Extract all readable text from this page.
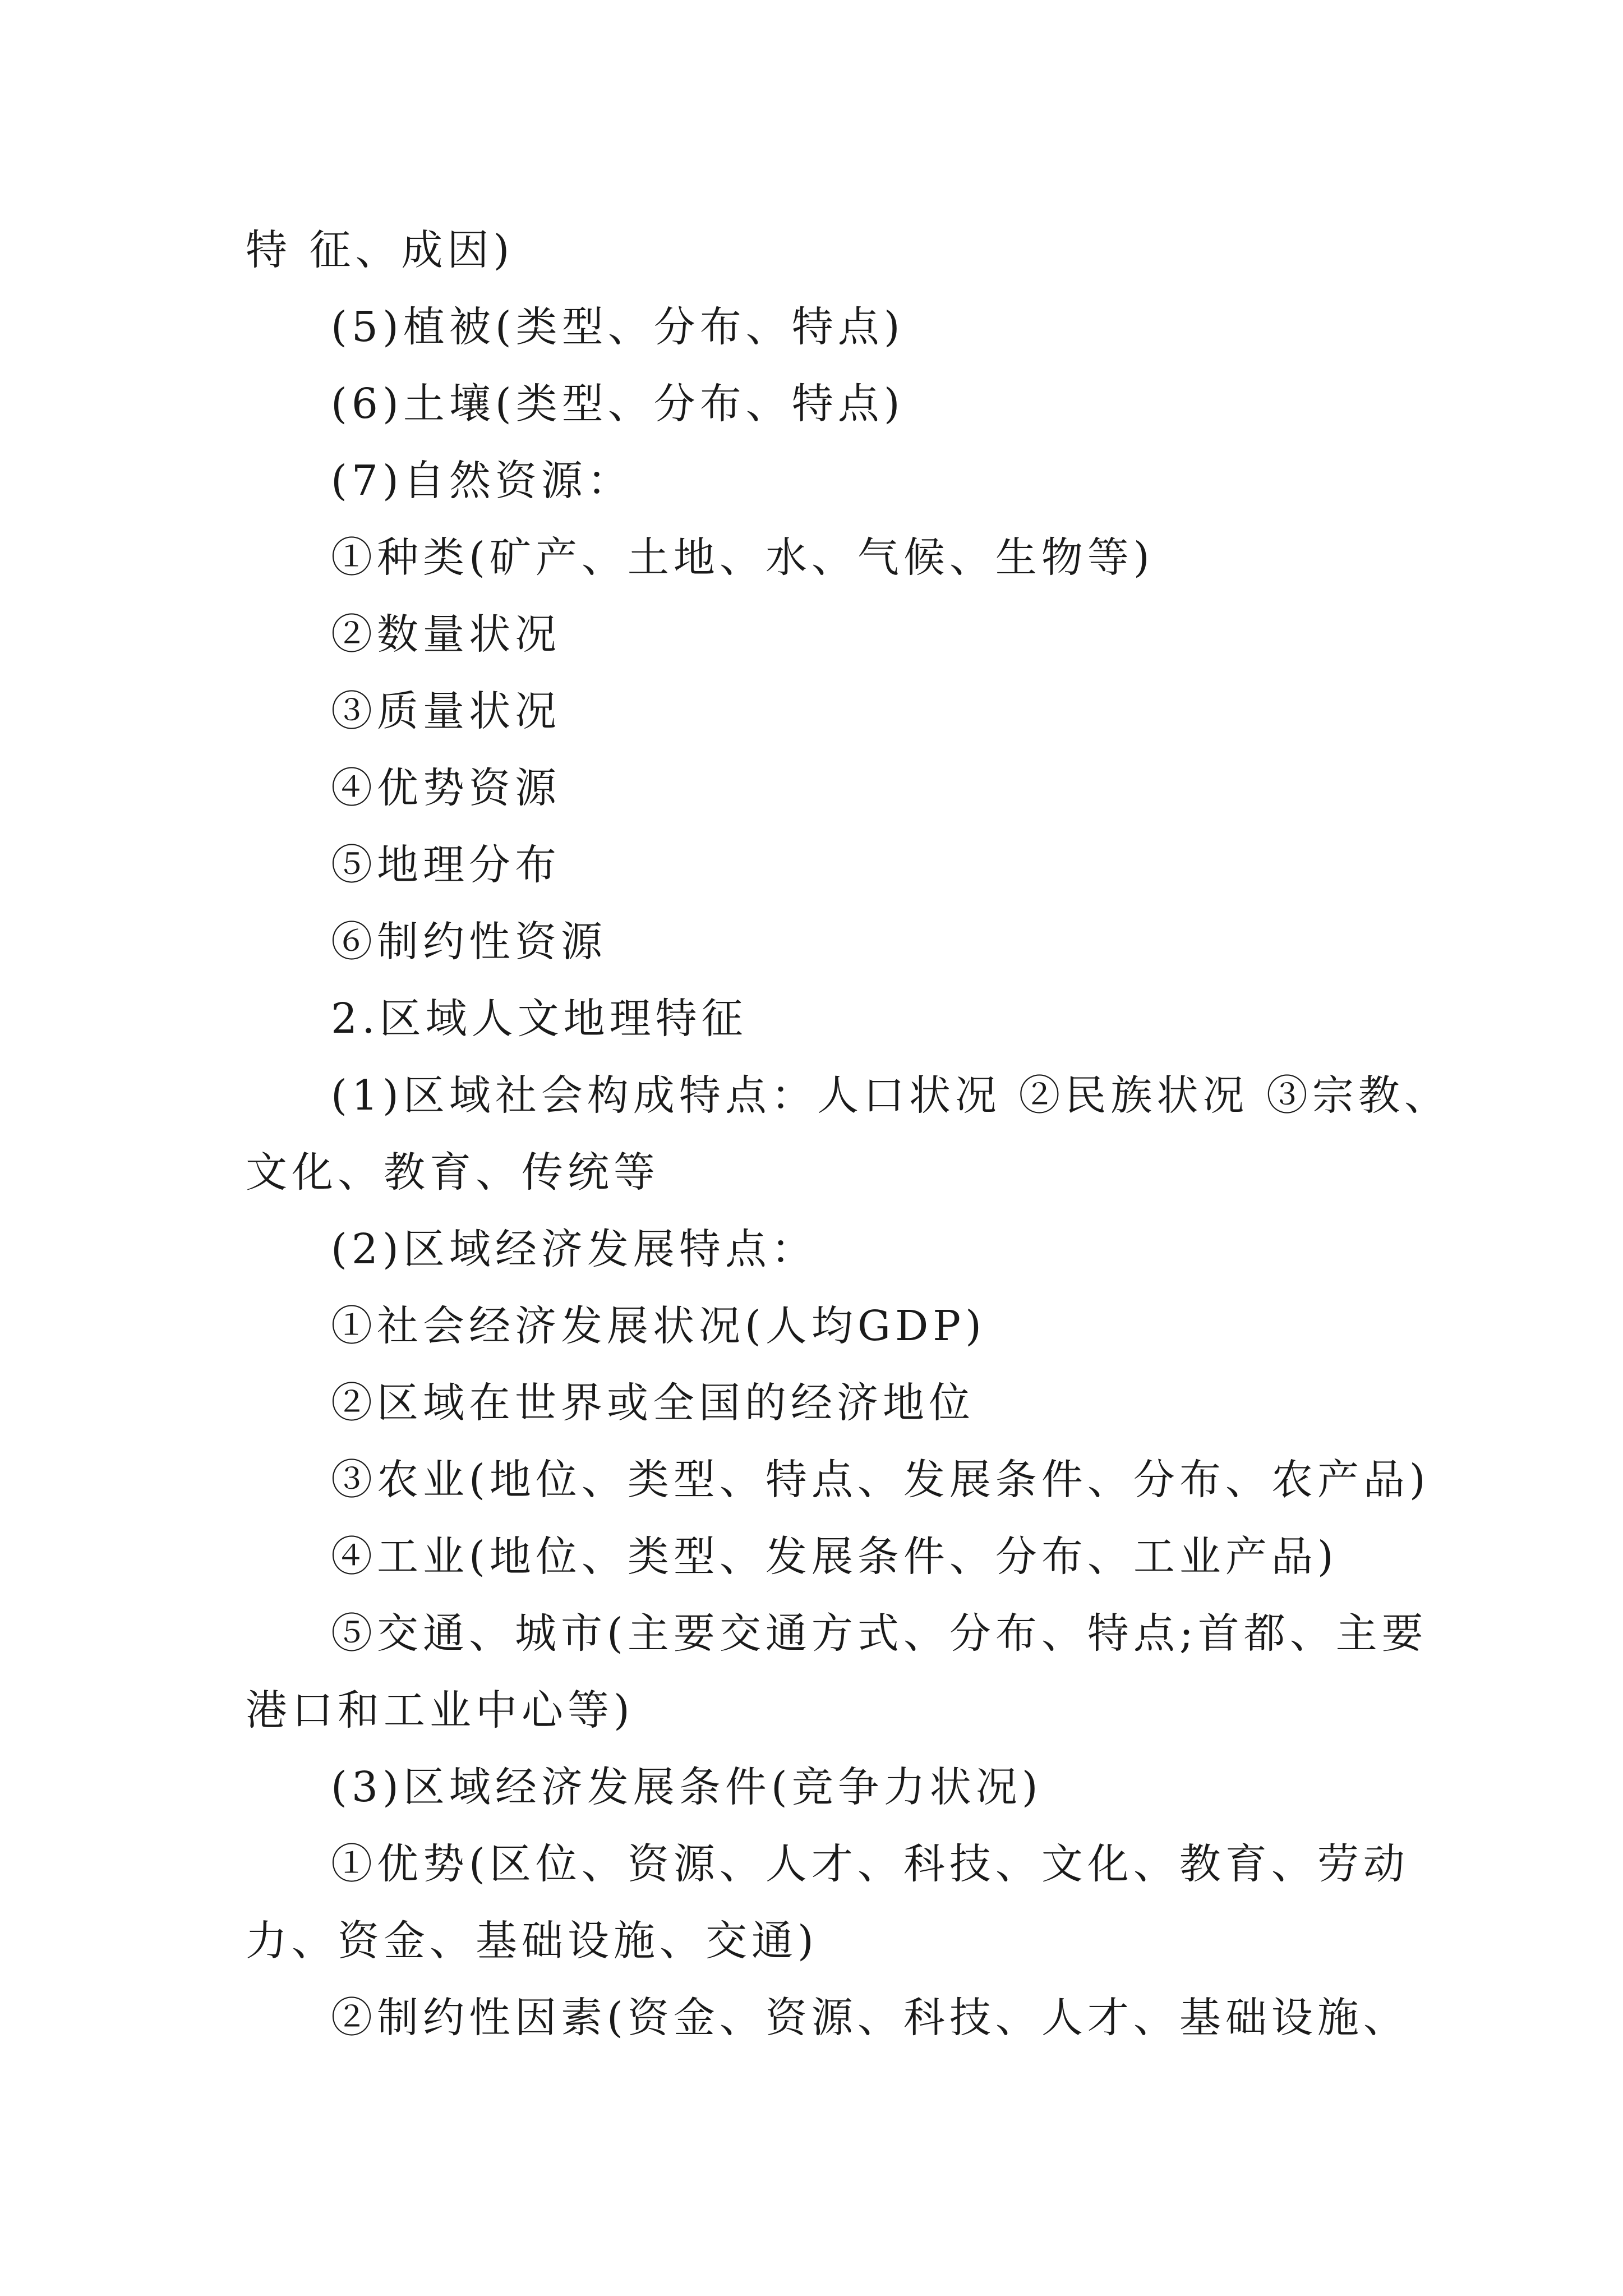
特 征、成因)
(5)植被(类型、分布、特点)
(6)土壤(类型、分布、特点)
(7)自然资源：
①种类(矿产、土地、水、气候、生物等)
②数量状况
③质量状况
④优势资源
⑤地理分布
⑥制约性资源
2.区域人文地理特征
(1)区域社会构成特点：人口状况 ②民族状况 ③宗教、
文化、教育、传统等
(2)区域经济发展特点：
①社会经济发展状况(人均GDP)
②区域在世界或全国的经济地位
③农业(地位、类型、特点、发展条件、分布、农产品)
④工业(地位、类型、发展条件、分布、工业产品)
⑤交通、城市(主要交通方式、分布、特点;首都、主要
港口和工业中心等)
(3)区域经济发展条件(竞争力状况)
①优势(区位、资源、人才、科技、文化、教育、劳动
力、资金、基础设施、交通)
②制约性因素(资金、资源、科技、人才、基础设施、
